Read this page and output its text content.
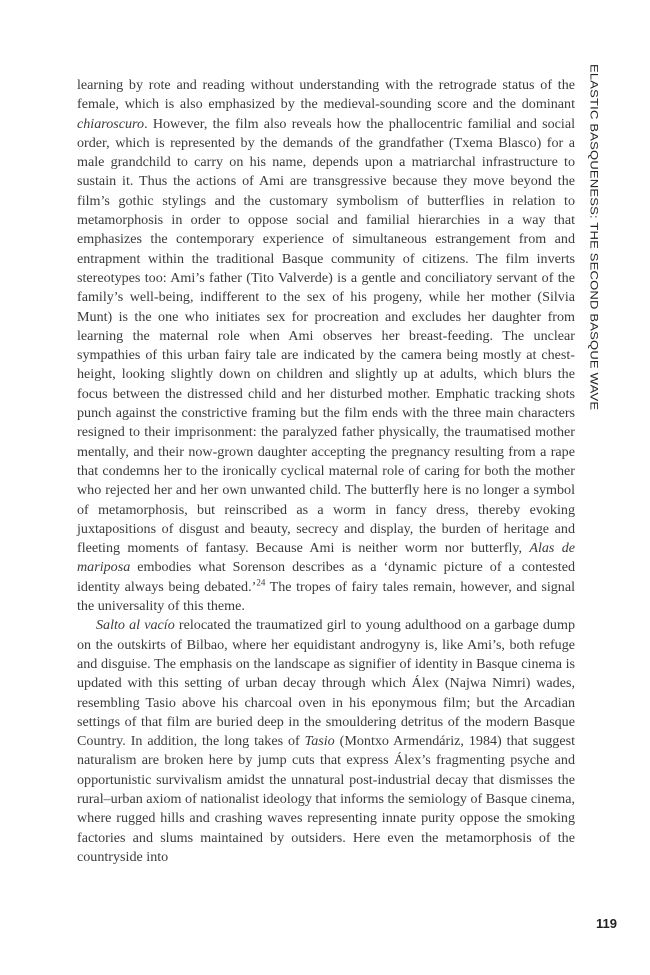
ELASTIC BASQUENESS: THE SECOND BASQUE WAVE

learning by rote and reading without understanding with the retrograde status of the female, which is also emphasized by the medieval-sounding score and the dominant chiaroscuro. However, the film also reveals how the phallocentric familial and social order, which is represented by the demands of the grandfather (Txema Blasco) for a male grandchild to carry on his name, depends upon a matriarchal infrastructure to sustain it. Thus the actions of Ami are transgressive because they move beyond the film’s gothic stylings and the customary symbolism of butterflies in relation to metamorphosis in order to oppose social and familial hierarchies in a way that emphasizes the contemporary experience of simultaneous estrangement from and entrapment within the traditional Basque community of citizens. The film inverts stereotypes too: Ami’s father (Tito Valverde) is a gentle and conciliatory servant of the family’s well-being, indifferent to the sex of his progeny, while her mother (Silvia Munt) is the one who initiates sex for procreation and excludes her daughter from learning the maternal role when Ami observes her breast-feeding. The unclear sympathies of this urban fairy tale are indicated by the camera being mostly at chest-height, looking slightly down on children and slightly up at adults, which blurs the focus between the distressed child and her disturbed mother. Emphatic tracking shots punch against the constrictive framing but the film ends with the three main characters resigned to their imprisonment: the paralyzed father physically, the traumatised mother mentally, and their now-grown daughter accepting the pregnancy resulting from a rape that condemns her to the ironically cyclical maternal role of caring for both the mother who rejected her and her own unwanted child. The butterfly here is no longer a symbol of metamorphosis, but reinscribed as a worm in fancy dress, thereby evoking juxtapositions of disgust and beauty, secrecy and display, the burden of heritage and fleeting moments of fantasy. Because Ami is neither worm nor butterfly, Alas de mariposa embodies what Sorenson describes as a ‘dynamic picture of a contested identity always being debated.’$^{24}$ The tropes of fairy tales remain, however, and signal the universality of this theme.

Salto al vacío relocated the traumatized girl to young adulthood on a garbage dump on the outskirts of Bilbao, where her equidistant androgyny is, like Ami’s, both refuge and disguise. The emphasis on the landscape as signifier of identity in Basque cinema is updated with this setting of urban decay through which Álex (Najwa Nimri) wades, resembling Tasio above his charcoal oven in his eponymous film; but the Arcadian settings of that film are buried deep in the smouldering detritus of the modern Basque Country. In addition, the long takes of Tasio (Montxo Armendáriz, 1984) that suggest naturalism are broken here by jump cuts that express Álex’s fragmenting psyche and opportunistic survivalism amidst the unnatural post-industrial decay that dismisses the rural–urban axiom of nationalist ideology that informs the semiology of Basque cinema, where rugged hills and crashing waves representing innate purity oppose the smoking factories and slums maintained by outsiders. Here even the metamorphosis of the countryside into

119
